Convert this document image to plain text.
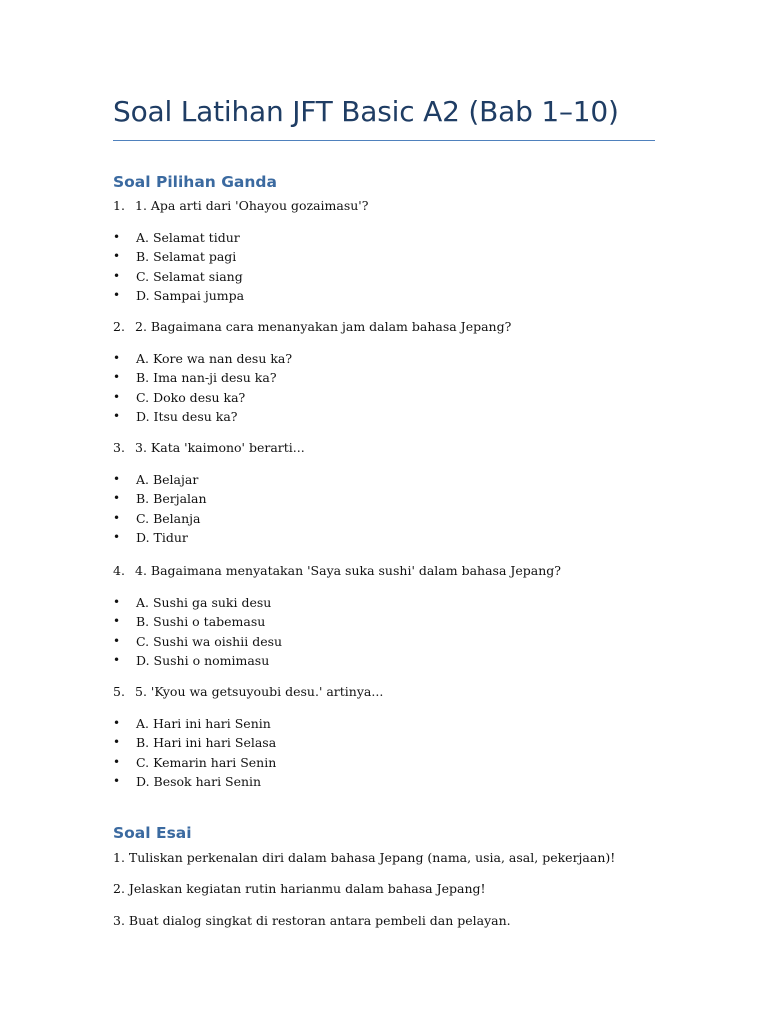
Soal Latihan JFT Basic A2 (Bab 1–10)
Soal Pilihan Ganda
1. 1. Apa arti dari 'Ohayou gozaimasu'?
• A. Selamat tidur
• B. Selamat pagi
• C. Selamat siang
• D. Sampai jumpa
2. 2. Bagaimana cara menanyakan jam dalam bahasa Jepang?
• A. Kore wa nan desu ka?
• B. Ima nan-ji desu ka?
• C. Doko desu ka?
• D. Itsu desu ka?
3. 3. Kata 'kaimono' berarti...
• A. Belajar
• B. Berjalan
• C. Belanja
• D. Tidur
4. 4. Bagaimana menyatakan 'Saya suka sushi' dalam bahasa Jepang?
• A. Sushi ga suki desu
• B. Sushi o tabemasu
• C. Sushi wa oishii desu
• D. Sushi o nomimasu
5. 5. 'Kyou wa getsuyoubi desu.' artinya...
• A. Hari ini hari Senin
• B. Hari ini hari Selasa
• C. Kemarin hari Senin
• D. Besok hari Senin
Soal Esai
1. Tuliskan perkenalan diri dalam bahasa Jepang (nama, usia, asal, pekerjaan)!
2. Jelaskan kegiatan rutin harianmu dalam bahasa Jepang!
3. Buat dialog singkat di restoran antara pembeli dan pelayan.
